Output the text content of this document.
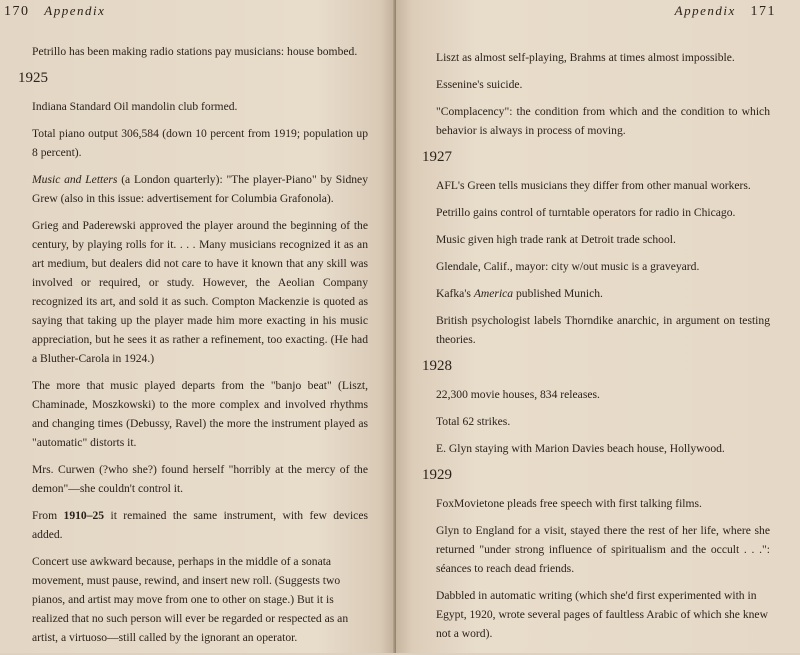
170 Appendix

Petrillo has been making radio stations pay musicians: house bombed.

1925

Indiana Standard Oil mandolin club formed.

Total piano output 306,584 (down 10 percent from 1919; population up 8 percent).

Music and Letters (a London quarterly): "The player-Piano" by Sidney Grew (also in this issue: advertisement for Columbia Grafonola).

Grieg and Paderewski approved the player around the beginning of the century, by playing rolls for it. . . . Many musicians recognized it as an art medium, but dealers did not care to have it known that any skill was involved or required, or study. However, the Aeolian Company recognized its art, and sold it as such. Compton Mackenzie is quoted as saying that taking up the player made him more exacting in his music appreciation, but he sees it as rather a refinement, too exacting. (He had a Bluther-Carola in 1924.)

The more that music played departs from the "banjo beat" (Liszt, Chaminade, Moszkowski) to the more complex and involved rhythms and changing times (Debussy, Ravel) the more the instrument played as "automatic" distorts it.

Mrs. Curwen (?who she?) found herself "horribly at the mercy of the demon"—she couldn't control it.

From 1910–25 it remained the same instrument, with few devices added.

Concert use awkward because, perhaps in the middle of a sonata movement, must pause, rewind, and insert new roll. (Suggests two pianos, and artist may move from one to other on stage.) But it is realized that no such person will ever be regarded or respected as an artist, a virtuoso—still called by the ignorant an operator.

Appendix 171

Liszt as almost self-playing, Brahms at times almost impossible.

Essenine's suicide.

"Complacency": the condition from which and the condition to which behavior is always in process of moving.

1927

AFL's Green tells musicians they differ from other manual workers.

Petrillo gains control of turntable operators for radio in Chicago.

Music given high trade rank at Detroit trade school.

Glendale, Calif., mayor: city w/out music is a graveyard.

Kafka's America published Munich.

British psychologist labels Thorndike anarchic, in argument on testing theories.

1928

22,300 movie houses, 834 releases.

Total 62 strikes.

E. Glyn staying with Marion Davies beach house, Hollywood.

1929

FoxMovietone pleads free speech with first talking films.

Glyn to England for a visit, stayed there the rest of her life, where she returned "under strong influence of spiritualism and the occult . . .": séances to reach dead friends.

Dabbled in automatic writing (which she'd first experimented with in Egypt, 1920, wrote several pages of faultless Arabic of which she knew not a word).
